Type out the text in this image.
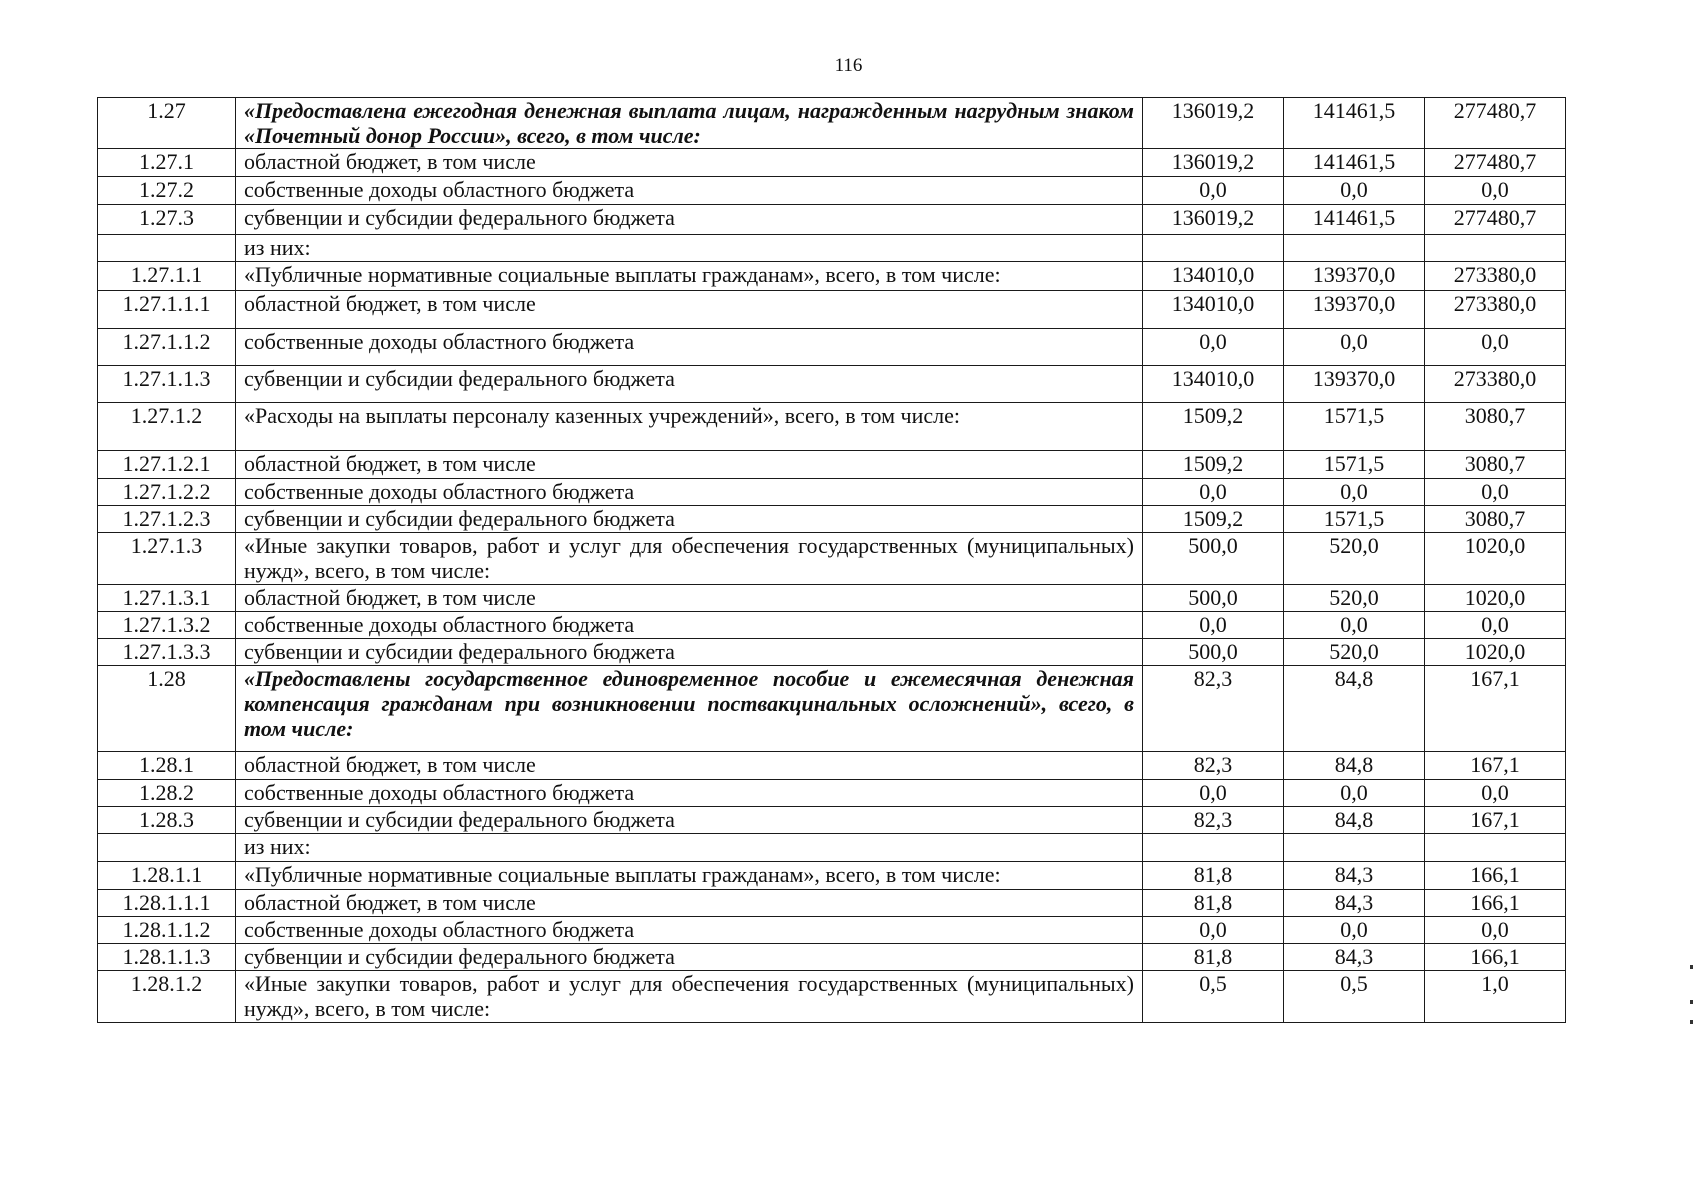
116
1.27	«Предоставлена ежегодная денежная выплата лицам, награжденным нагрудным знаком «Почетный донор России», всего, в том числе:	136019,2	141461,5	277480,7
1.27.1	областной бюджет, в том числе	136019,2	141461,5	277480,7
1.27.2	собственные доходы областного бюджета	0,0	0,0	0,0
1.27.3	субвенции и субсидии федерального бюджета	136019,2	141461,5	277480,7
	из них:			
1.27.1.1	«Публичные нормативные социальные выплаты гражданам», всего, в том числе:	134010,0	139370,0	273380,0
1.27.1.1.1	областной бюджет, в том числе	134010,0	139370,0	273380,0
1.27.1.1.2	собственные доходы областного бюджета	0,0	0,0	0,0
1.27.1.1.3	субвенции и субсидии федерального бюджета	134010,0	139370,0	273380,0
1.27.1.2	«Расходы на выплаты персоналу казенных учреждений», всего, в том числе:	1509,2	1571,5	3080,7
1.27.1.2.1	областной бюджет, в том числе	1509,2	1571,5	3080,7
1.27.1.2.2	собственные доходы областного бюджета	0,0	0,0	0,0
1.27.1.2.3	субвенции и субсидии федерального бюджета	1509,2	1571,5	3080,7
1.27.1.3	«Иные закупки товаров, работ и услуг для обеспечения государственных (муниципальных) нужд», всего, в том числе:	500,0	520,0	1020,0
1.27.1.3.1	областной бюджет, в том числе	500,0	520,0	1020,0
1.27.1.3.2	собственные доходы областного бюджета	0,0	0,0	0,0
1.27.1.3.3	субвенции и субсидии федерального бюджета	500,0	520,0	1020,0
1.28	«Предоставлены государственное единовременное пособие и ежемесячная денежная компенсация гражданам при возникновении поствакцинальных осложнений», всего, в том числе:	82,3	84,8	167,1
1.28.1	областной бюджет, в том числе	82,3	84,8	167,1
1.28.2	собственные доходы областного бюджета	0,0	0,0	0,0
1.28.3	субвенции и субсидии федерального бюджета	82,3	84,8	167,1
	из них:			
1.28.1.1	«Публичные нормативные социальные выплаты гражданам», всего, в том числе:	81,8	84,3	166,1
1.28.1.1.1	областной бюджет, в том числе	81,8	84,3	166,1
1.28.1.1.2	собственные доходы областного бюджета	0,0	0,0	0,0
1.28.1.1.3	субвенции и субсидии федерального бюджета	81,8	84,3	166,1
1.28.1.2	«Иные закупки товаров, работ и услуг для обеспечения государственных (муниципальных) нужд», всего, в том числе:	0,5	0,5	1,0
